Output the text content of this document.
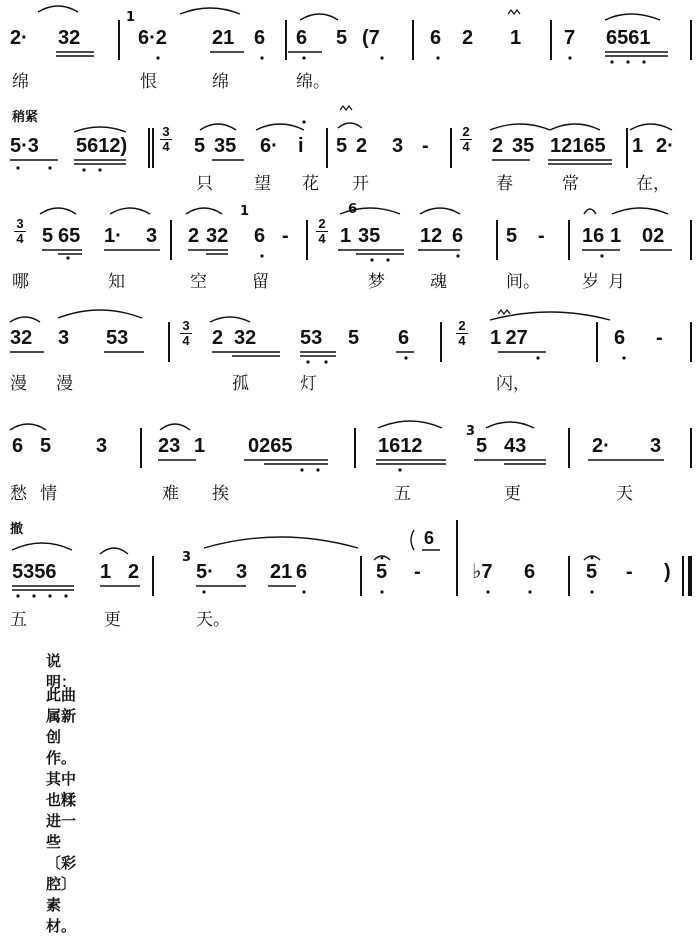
2· 32
1
6·2 21 6 6 5 (7	6 2 1 7 6561
绵	恨	绵	绵。
稍紧
3
4
2
4
5·3 5612)	5 35 6· i 5 2 3 -	2 35 12165 1 2·
只 望 花 开	春	常	在，
3
4
2
4
1	6
5 65 1· 3 2 32 6 -	1 35 12 6 5 - 16 1 02
哪	知	空	留	梦	魂	间。 岁 月
3
4
2
4
32 3 53	2 32 53 5 6	1
27	6 -
漫 漫	孤	灯	闪，
3
6 5 3	23 1 0265	1612	5 43	2· 3
愁 情	难 挨	五	更	天
撤
3
6
5356 1 2	5· 3 21 6	5 -	♭7 6	5 - )
五	更	天。
说明：
此曲属新创作。其中也糅进一些〔彩腔〕素材。
